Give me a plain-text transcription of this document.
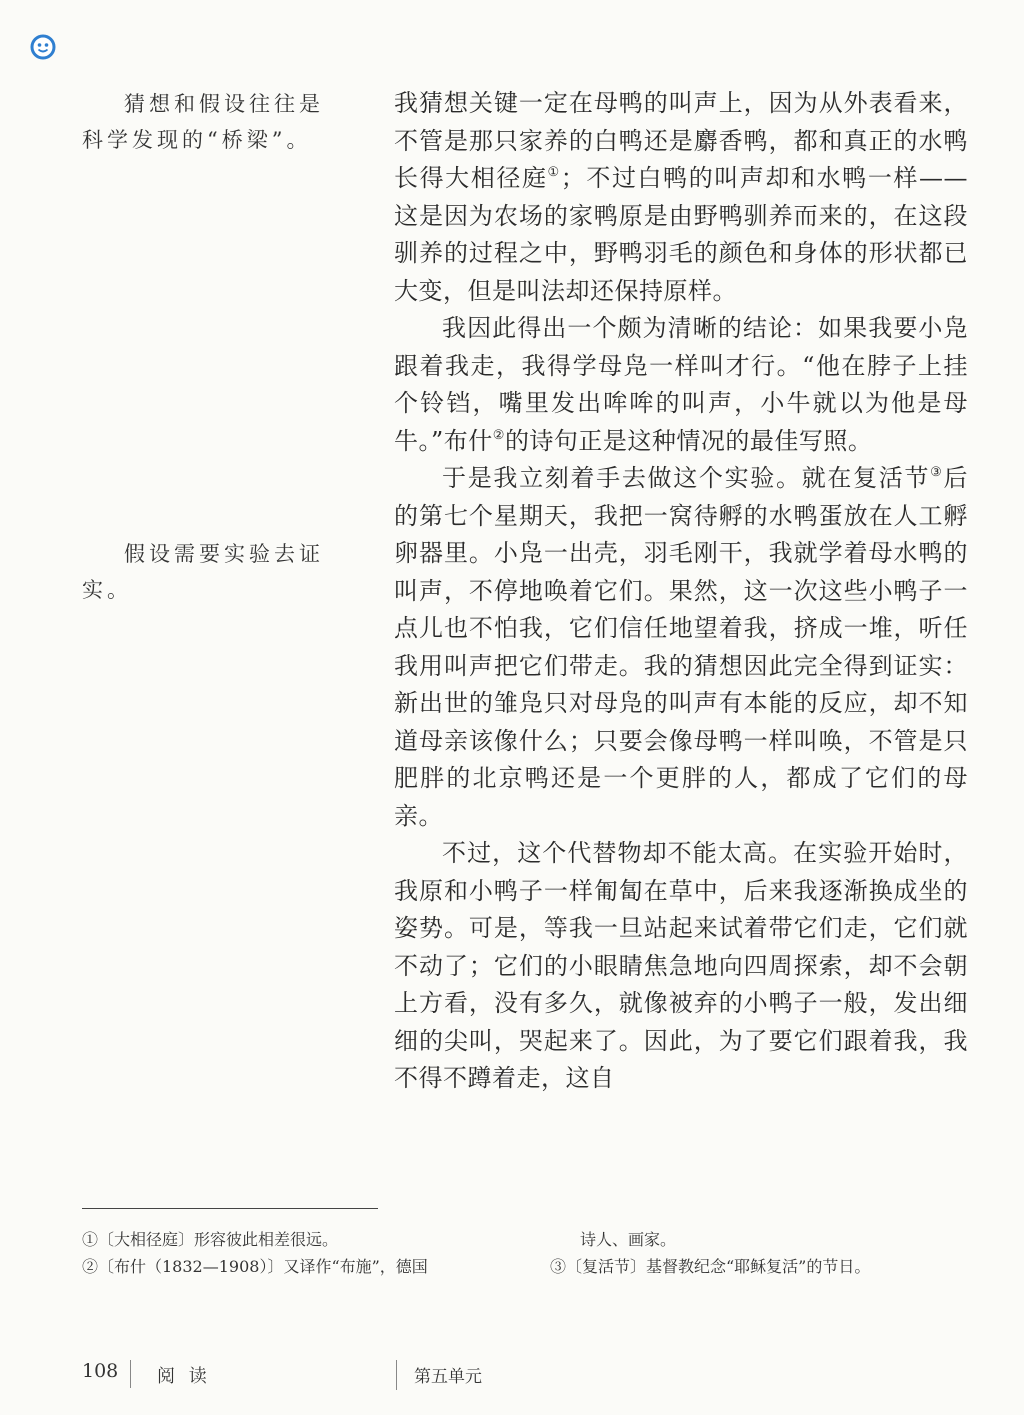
猜想和假设往往是科学发现的“桥梁”。
假设需要实验去证实。

我猜想关键一定在母鸭的叫声上，因为从外表看来，不管是那只家养的白鸭还是麝香鸭，都和真正的水鸭长得大相径庭①；不过白鸭的叫声却和水鸭一样——这是因为农场的家鸭原是由野鸭驯养而来的，在这段驯养的过程之中，野鸭羽毛的颜色和身体的形状都已大变，但是叫法却还保持原样。

我因此得出一个颇为清晰的结论：如果我要小凫跟着我走，我得学母凫一样叫才行。“他在脖子上挂个铃铛，嘴里发出哞哞的叫声，小牛就以为他是母牛。”布什②的诗句正是这种情况的最佳写照。

于是我立刻着手去做这个实验。就在复活节③后的第七个星期天，我把一窝待孵的水鸭蛋放在人工孵卵器里。小凫一出壳，羽毛刚干，我就学着母水鸭的叫声，不停地唤着它们。果然，这一次这些小鸭子一点儿也不怕我，它们信任地望着我，挤成一堆，听任我用叫声把它们带走。我的猜想因此完全得到证实：新出世的雏凫只对母凫的叫声有本能的反应，却不知道母亲该像什么；只要会像母鸭一样叫唤，不管是只肥胖的北京鸭还是一个更胖的人，都成了它们的母亲。

不过，这个代替物却不能太高。在实验开始时，我原和小鸭子一样匍匐在草中，后来我逐渐换成坐的姿势。可是，等我一旦站起来试着带它们走，它们就不动了；它们的小眼睛焦急地向四周探索，却不会朝上方看，没有多久，就像被弃的小鸭子一般，发出细细的尖叫，哭起来了。因此，为了要它们跟着我，我不得不蹲着走，这自

①〔大相径庭〕形容彼此相差很远。
②〔布什（1832—1908）〕又译作“布施”，德国
诗人、画家。
③〔复活节〕基督教纪念“耶稣复活”的节日。
108 阅 读	第五单元
